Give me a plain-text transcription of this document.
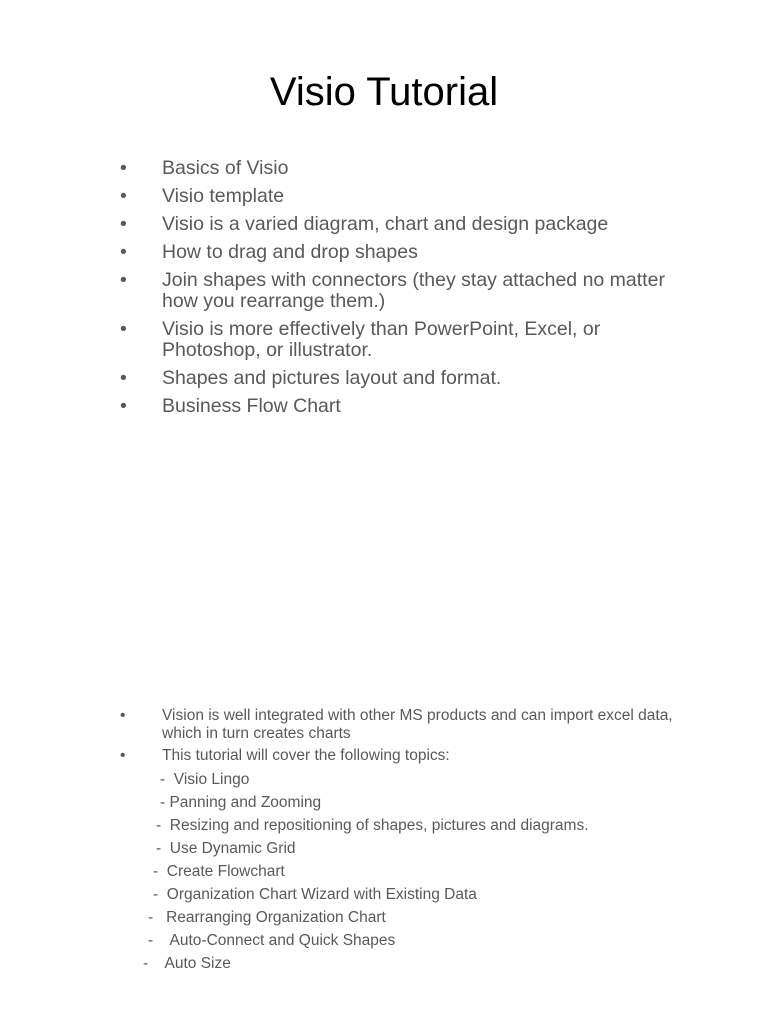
Visio Tutorial
• Basics of Visio
• Visio template
• Visio is a varied diagram, chart and design package
• How to drag and drop shapes
• Join shapes with connectors (they stay attached no matter how you rearrange them.)
• Visio is more effectively than PowerPoint, Excel, or Photoshop, or illustrator.
• Shapes and pictures layout and format.
• Business Flow Chart
• Vision is well integrated with other MS products and can import excel data, which in turn creates charts
• This tutorial will cover the following topics:
-  Visio Lingo
- Panning and Zooming
-  Resizing and repositioning of shapes, pictures and diagrams.
-  Use Dynamic Grid
-  Create Flowchart
-  Organization Chart Wizard with Existing Data
-   Rearranging Organization Chart
-    Auto-Connect and Quick Shapes
-    Auto Size
